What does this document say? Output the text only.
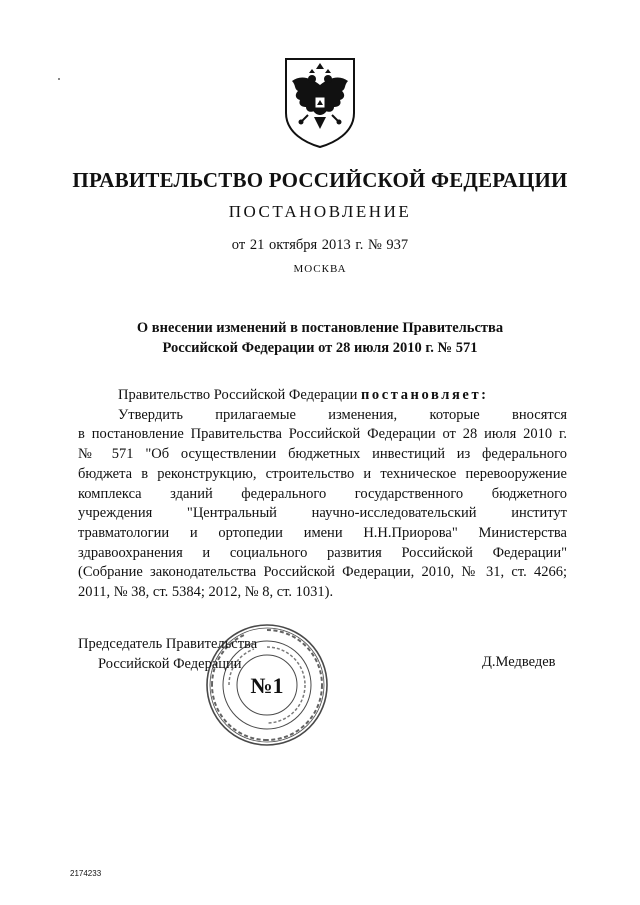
ПРАВИТЕЛЬСТВО РОССИЙСКОЙ ФЕДЕРАЦИИ
ПОСТАНОВЛЕНИЕ
от 21 октября 2013 г. № 937
МОСКВА
О внесении изменений в постановление Правительства
Российской Федерации от 28 июля 2010 г. № 571
Правительство Российской Федерации постановляет:
Утвердить прилагаемые изменения, которые вносятся
в постановление Правительства Российской Федерации от 28 июля 2010 г.
№ 571 "Об осуществлении бюджетных инвестиций из федерального
бюджета в реконструкцию, строительство и техническое перевооружение
комплекса зданий федерального государственного бюджетного
учреждения "Центральный научно-исследовательский институт
травматологии и ортопедии имени Н.Н.Приорова" Министерства
здравоохранения и социального развития Российской Федерации"
(Собрание законодательства Российской Федерации, 2010, № 31, ст. 4266;
2011, № 38, ст. 5384; 2012, № 8, ст. 1031).
Председатель Правительства
Российской Федерации	Д.Медведев
№1
2174233
